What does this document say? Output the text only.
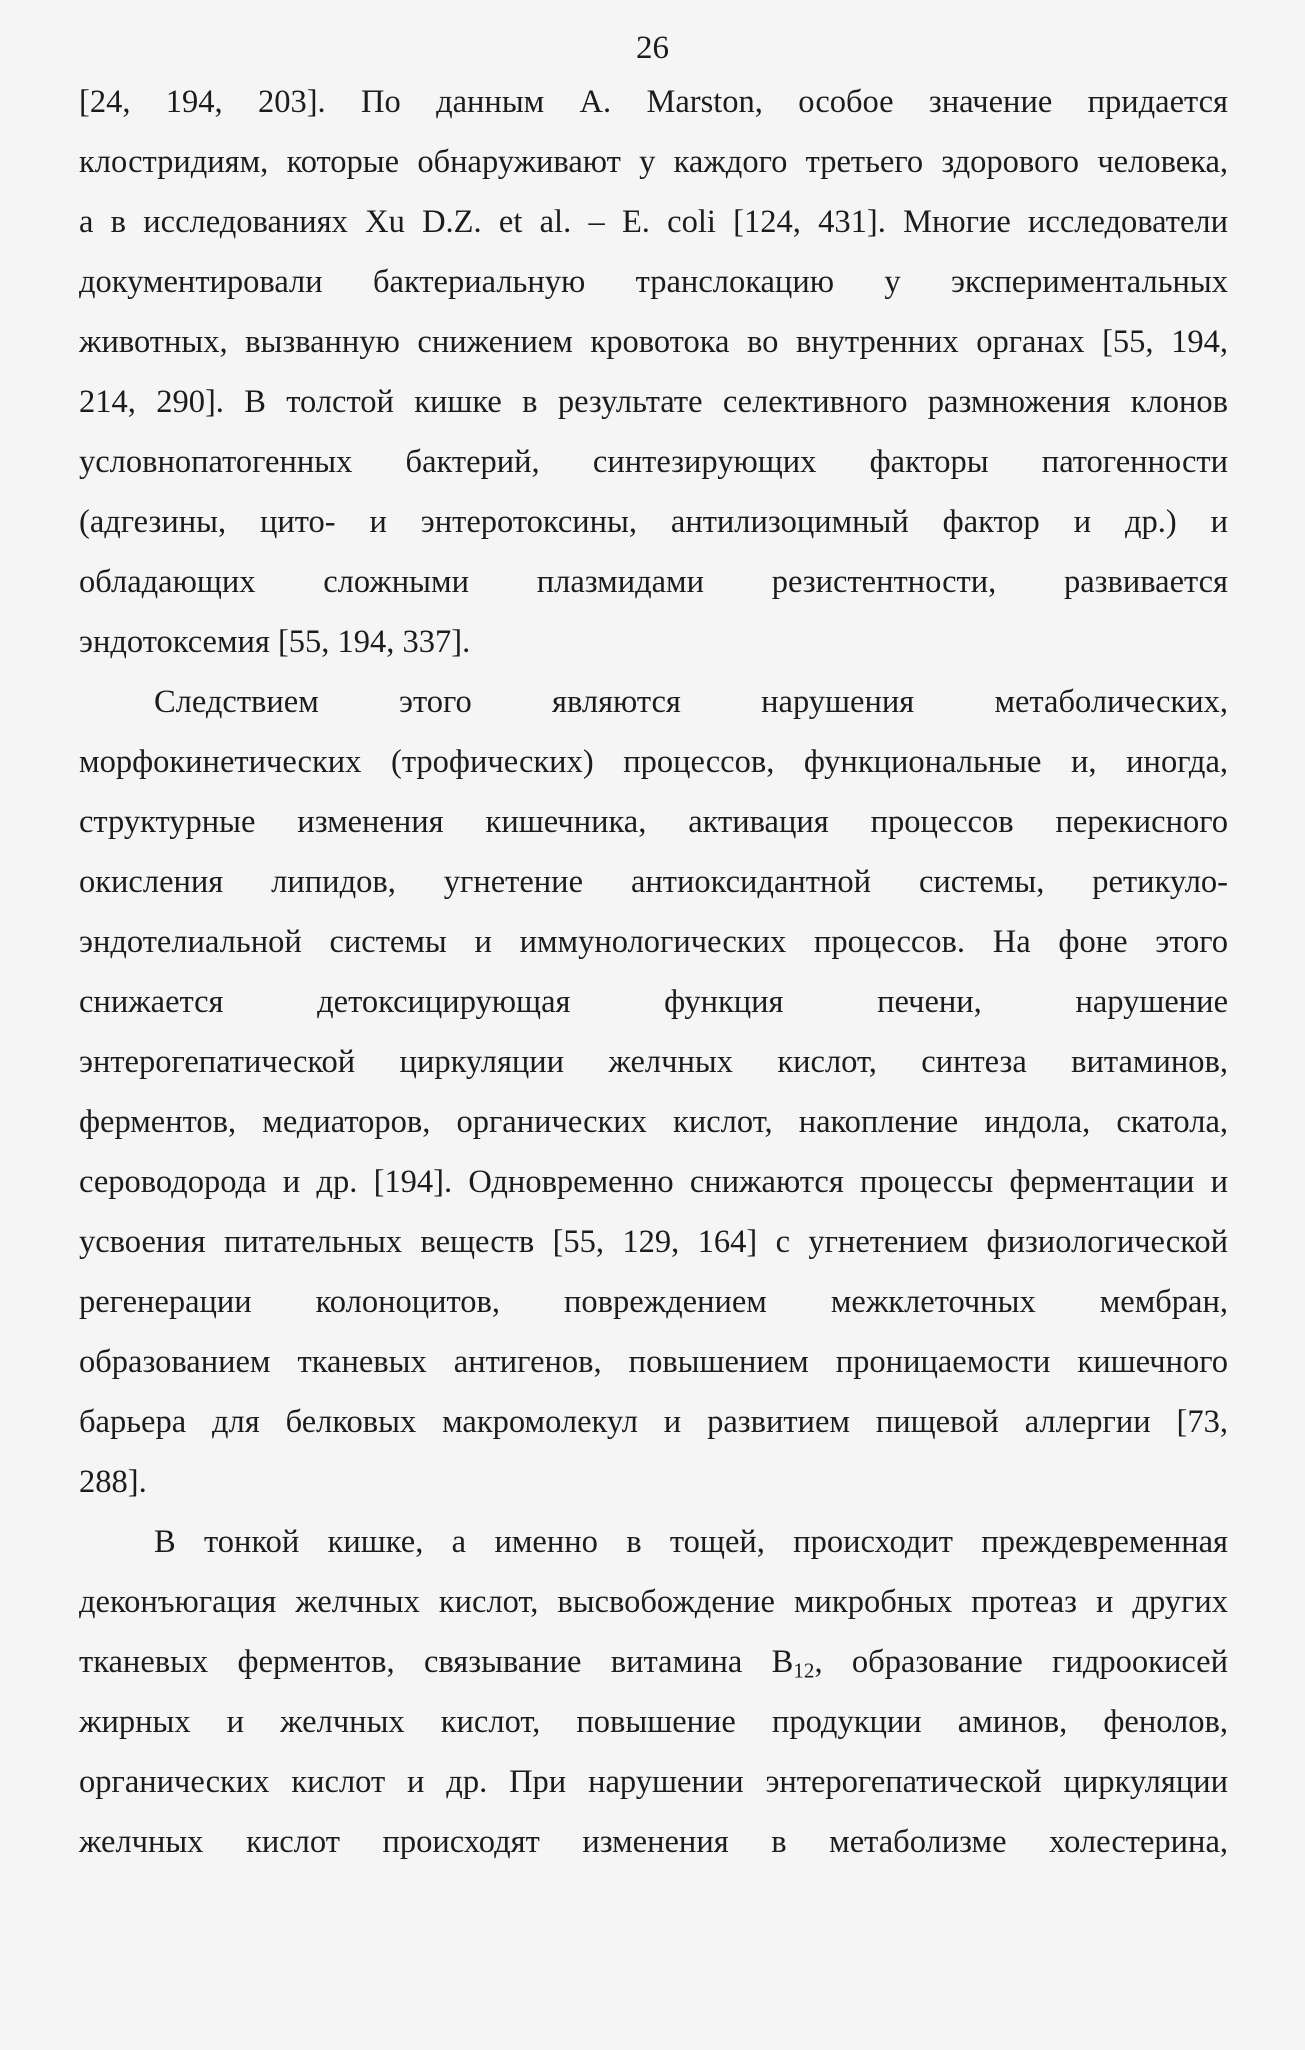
26
[24, 194, 203]. По данным A. Marston, особое значение придается
клостридиям, которые обнаруживают у каждого третьего здорового человека,
а в исследованиях Xu D.Z. et al. – E. coli [124, 431]. Многие исследователи
документировали бактериальную транслокацию у экспериментальных
животных, вызванную снижением кровотока во внутренних органах [55, 194,
214, 290]. В толстой кишке в результате селективного размножения клонов
условнопатогенных бактерий, синтезирующих факторы патогенности
(адгезины, цито- и энтеротоксины, антилизоцимный фактор и др.) и
обладающих сложными плазмидами резистентности, развивается
эндотоксемия [55, 194, 337].
Следствием этого являются нарушения метаболических,
морфокинетических (трофических) процессов, функциональные и, иногда,
структурные изменения кишечника, активация процессов перекисного
окисления липидов, угнетение антиоксидантной системы, ретикуло-
эндотелиальной системы и иммунологических процессов. На фоне этого
снижается детоксицирующая функция печени, нарушение
энтерогепатической циркуляции желчных кислот, синтеза витаминов,
ферментов, медиаторов, органических кислот, накопление индола, скатола,
сероводорода и др. [194]. Одновременно снижаются процессы ферментации и
усвоения питательных веществ [55, 129, 164] с угнетением физиологической
регенерации колоноцитов, повреждением межклеточных мембран,
образованием тканевых антигенов, повышением проницаемости кишечного
барьера для белковых макромолекул и развитием пищевой аллергии [73,
288].
В тонкой кишке, а именно в тощей, происходит преждевременная
деконъюгация желчных кислот, высвобождение микробных протеаз и других
тканевых ферментов, связывание витамина $B_{12}$, образование гидроокисей
жирных и желчных кислот, повышение продукции аминов, фенолов,
органических кислот и др. При нарушении энтерогепатической циркуляции
желчных кислот происходят изменения в метаболизме холестерина,
